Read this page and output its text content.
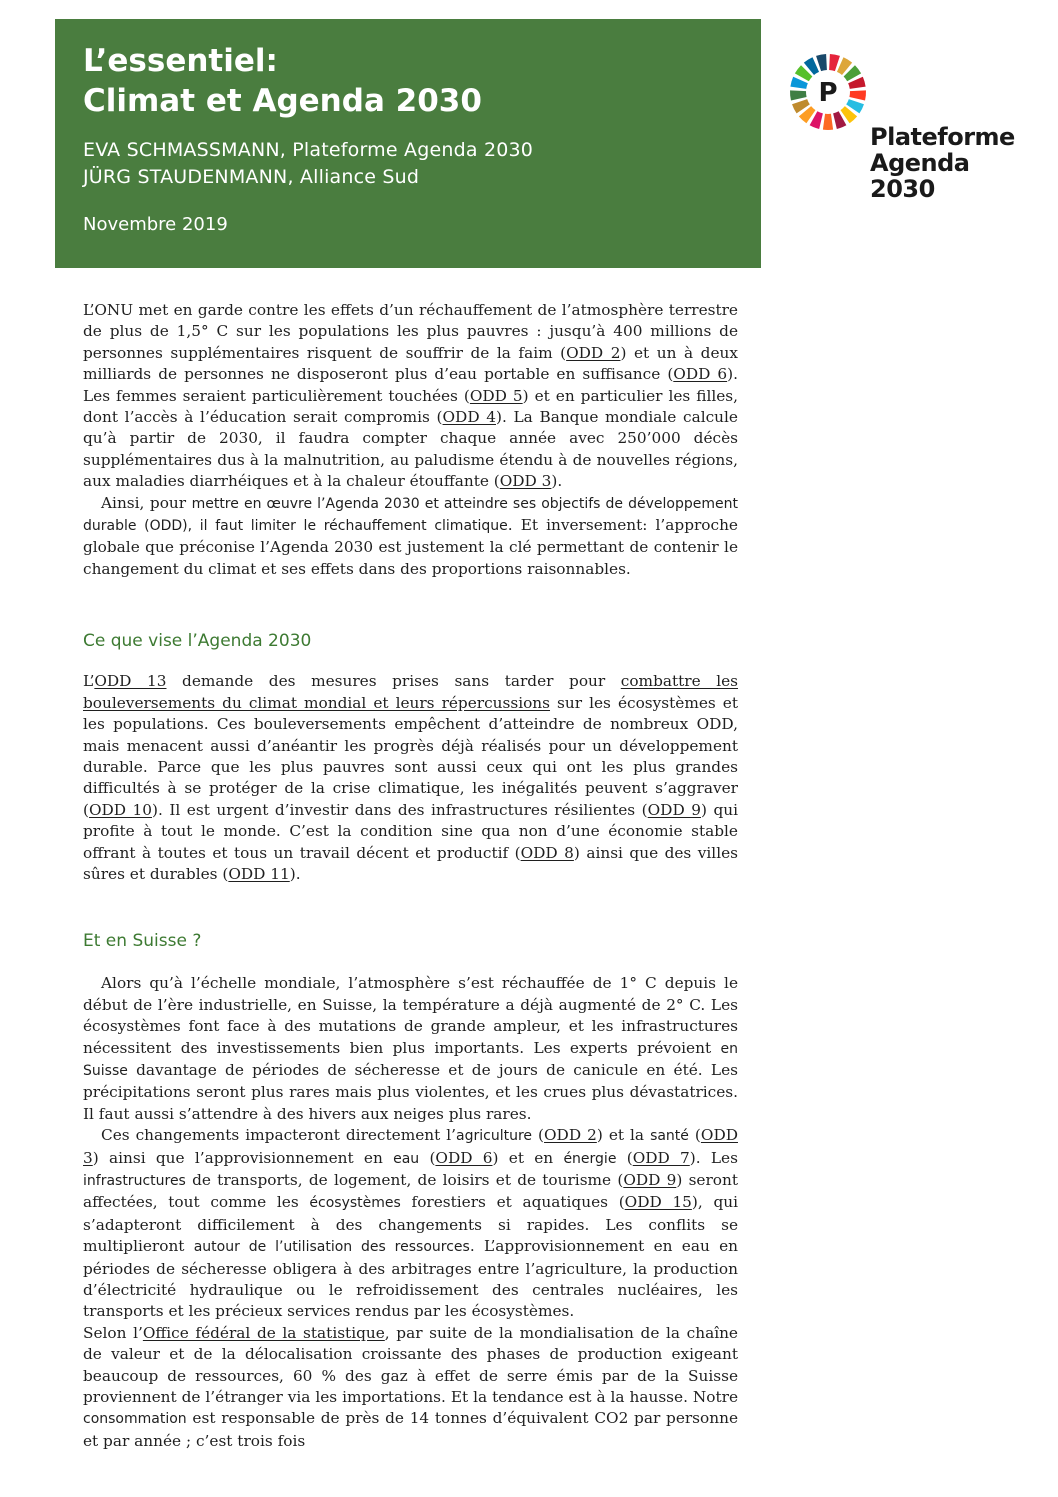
L’essentiel:
Climat et Agenda 2030
EVA SCHMASSMANN, Plateforme Agenda 2030
JÜRG STAUDENMANN, Alliance Sud
Novembre 2019
P
Plateforme
Agenda
2030

L’ONU met en garde contre les effets d’un réchauffement de l’atmosphère terrestre de plus de 1,5° C sur les populations les plus pauvres : jusqu’à 400 millions de personnes supplémentaires risquent de souffrir de la faim (ODD 2) et un à deux milliards de personnes ne disposeront plus d’eau portable en suffisance (ODD 6). Les femmes seraient particulièrement touchées (ODD 5) et en particulier les filles, dont l’accès à l’éducation serait compromis (ODD 4). La Banque mondiale calcule qu’à partir de 2030, il faudra compter chaque année avec 250’000 décès supplémentaires dus à la malnutrition, au paludisme étendu à de nouvelles régions, aux maladies diarrhéiques et à la chaleur étouffante (ODD 3).

Ainsi, pour mettre en œuvre l’Agenda 2030 et atteindre ses objectifs de développement durable (ODD), il faut limiter le réchauffement climatique. Et inversement: l’approche globale que préconise l’Agenda 2030 est justement la clé permettant de contenir le changement du climat et ses effets dans des proportions raisonnables.

Ce que vise l’Agenda 2030

L’ODD 13 demande des mesures prises sans tarder pour combattre les bouleversements du climat mondial et leurs répercussions sur les écosystèmes et les populations. Ces bouleversements empêchent d’atteindre de nombreux ODD, mais menacent aussi d’anéantir les progrès déjà réalisés pour un développement durable. Parce que les plus pauvres sont aussi ceux qui ont les plus grandes difficultés à se protéger de la crise climatique, les inégalités peuvent s’aggraver (ODD 10). Il est urgent d’investir dans des infrastructures résilientes (ODD 9) qui profite à tout le monde. C’est la condition sine qua non d’une économie stable offrant à toutes et tous un travail décent et productif (ODD 8) ainsi que des villes sûres et durables (ODD 11).

Et en Suisse ?

Alors qu’à l’échelle mondiale, l’atmosphère s’est réchauffée de 1° C depuis le début de l’ère industrielle, en Suisse, la température a déjà augmenté de 2° C. Les écosystèmes font face à des mutations de grande ampleur, et les infrastructures nécessitent des investissements bien plus importants. Les experts prévoient en Suisse davantage de périodes de sécheresse et de jours de canicule en été. Les précipitations seront plus rares mais plus violentes, et les crues plus dévastatrices. Il faut aussi s’attendre à des hivers aux neiges plus rares.

Ces changements impacteront directement l’agriculture (ODD 2) et la santé (ODD 3) ainsi que l’approvisionnement en eau (ODD 6) et en énergie (ODD 7). Les infrastructures de transports, de logement, de loisirs et de tourisme (ODD 9) seront affectées, tout comme les écosystèmes forestiers et aquatiques (ODD 15), qui s’adapteront difficilement à des changements si rapides. Les conflits se multiplieront autour de l’utilisation des ressources. L’approvisionnement en eau en périodes de sécheresse obligera à des arbitrages entre l’agriculture, la production d’électricité hydraulique ou le refroidissement des centrales nucléaires, les transports et les précieux services rendus par les écosystèmes.

Selon l’Office fédéral de la statistique, par suite de la mondialisation de la chaîne de valeur et de la délocalisation croissante des phases de production exigeant beaucoup de ressources, 60 % des gaz à effet de serre émis par de la Suisse proviennent de l’étranger via les importations. Et la tendance est à la hausse. Notre consommation est responsable de près de 14 tonnes d’équivalent CO2 par personne et par année ; c’est trois fois
